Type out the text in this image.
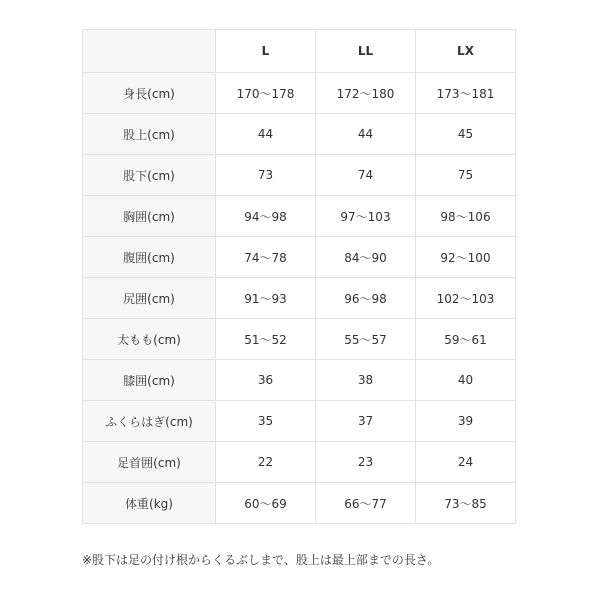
	L	LL	LX
身長(cm)	170〜178	172〜180	173〜181
股上(cm)	44	44	45
股下(cm)	73	74	75
胸囲(cm)	94〜98	97〜103	98〜106
腹囲(cm)	74〜78	84〜90	92〜100
尻囲(cm)	91〜93	96〜98	102〜103
太もも(cm)	51〜52	55〜57	59〜61
膝囲(cm)	36	38	40
ふくらはぎ(cm)	35	37	39
足首囲(cm)	22	23	24
体重(kg)	60〜69	66〜77	73〜85

※股下は足の付け根からくるぶしまで、股上は最上部までの長さ。
